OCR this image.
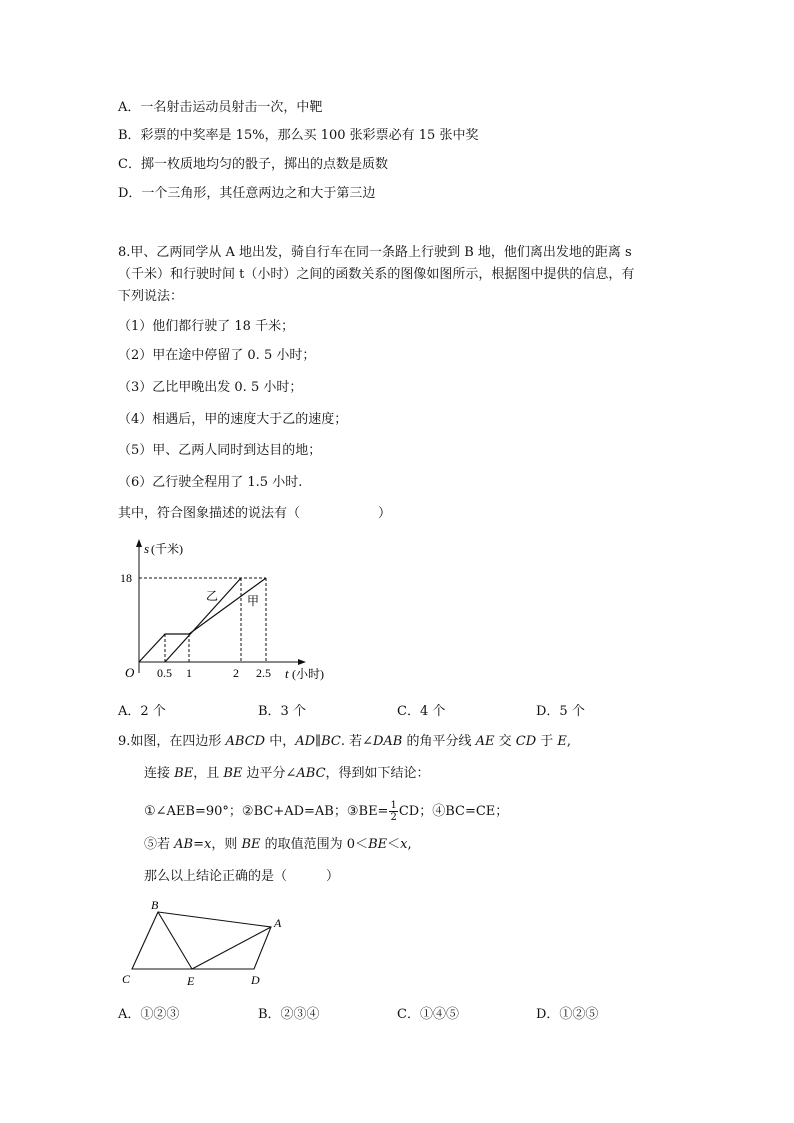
A．一名射击运动员射击一次，中靶
B．彩票的中奖率是 15%，那么买 100 张彩票必有 15 张中奖
C．掷一枚质地均匀的骰子，掷出的点数是质数
D．一个三角形，其任意两边之和大于第三边
8.甲、乙两同学从 A 地出发，骑自行车在同一条路上行驶到 B 地，他们离出发地的距离 s
（千米）和行驶时间 t（小时）之间的函数关系的图像如图所示，根据图中提供的信息，有
下列说法：
（1）他们都行驶了 18 千米；
（2）甲在途中停留了 0. 5 小时；
（3）乙比甲晚出发 0. 5 小时；
（4）相遇后，甲的速度大于乙的速度；
（5）甲、乙两人同时到达目的地；
（6）乙行驶全程用了 1.5 小时.
其中，符合图象描述的说法有（　　　　　　）
s (千米)
18
O 0.5 1	2 2.5 t (小时)
乙 甲
A．2 个	B．3 个	C．4 个	D．5 个
9.如图，在四边形 ABCD 中，AD∥BC. 若∠DAB 的角平分线 AE 交 CD 于 E,
连接 BE，且 BE 边平分∠ABC，得到如下结论：
①∠AEB=90°；②BC+AD=AB；③BE= $\frac{1}{2}$ CD；④BC=CE；
⑤若 AB=x，则 BE 的取值范围为 0＜BE＜x,
那么以上结论正确的是（　　　）
B
A
C	E	D
A．①②③	B．②③④	C．①④⑤	D．①②⑤
